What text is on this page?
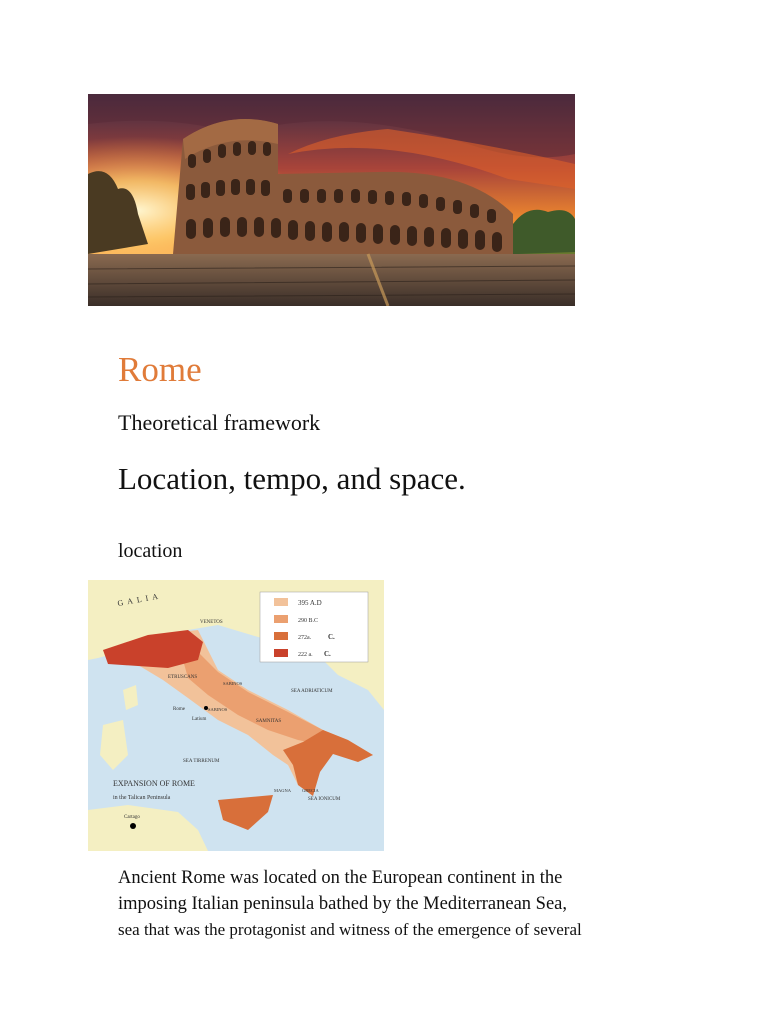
Rome
Theoretical framework
Location, tempo, and space.
location
395 A.D
290 B.C
272a. C.
222 a. C.
GALIA
VENETOS
ETRUSCANS
SABINOS
SEA ADRIATICUM
Rome	SABINOS
Latium	SAMNITAS
SEA TIRRENUM
EXPANSION OF ROME
in the Talican Peninsula
MAGNA GRECIA
SEA IONICUM
Cartago
Ancient Rome was located on the European continent in the
imposing Italian peninsula bathed by the Mediterranean Sea,
sea that was the protagonist and witness of the emergence of several
